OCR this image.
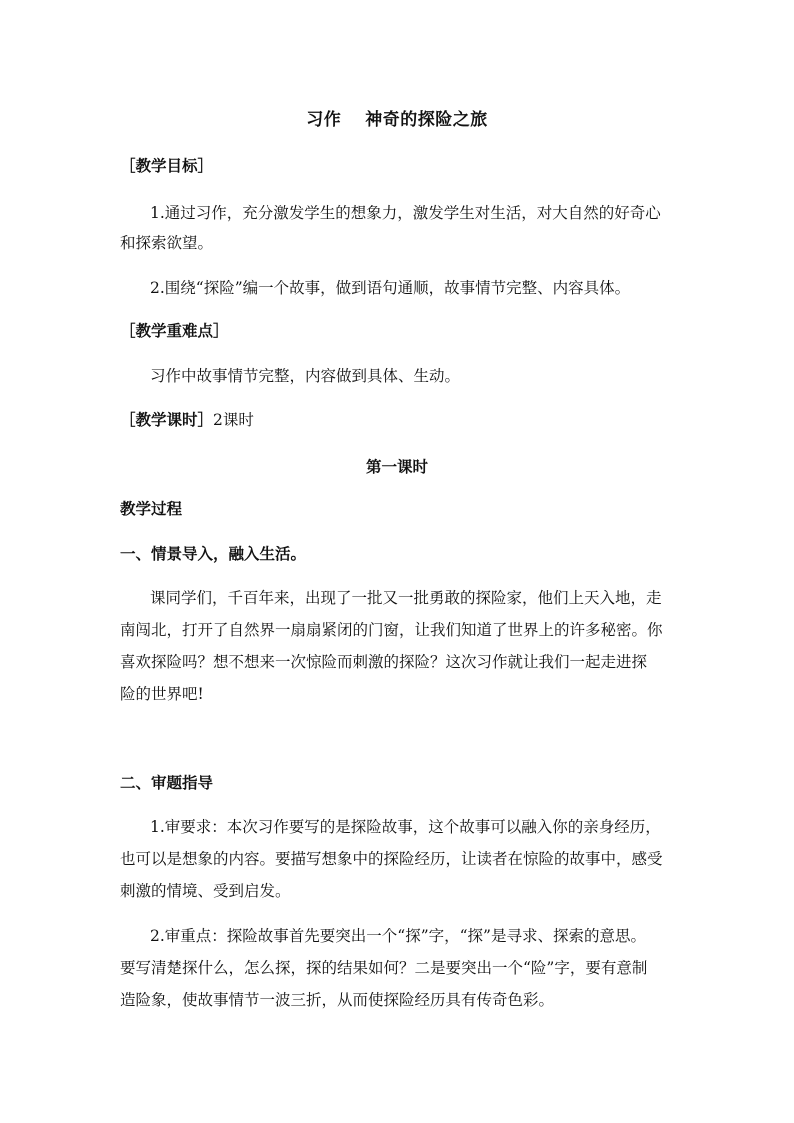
习作 神奇的探险之旅
［教学目标］
1.通过习作，充分激发学生的想象力，激发学生对生活，对大自然的好奇心
和探索欲望。
2.围绕“探险”编一个故事，做到语句通顺，故事情节完整、内容具体。
［教学重难点］
习作中故事情节完整，内容做到具体、生动。
［教学课时］2课时
第一课时
教学过程
一、情景导入，融入生活。
课同学们，千百年来，出现了一批又一批勇敢的探险家，他们上天入地，走
南闯北，打开了自然界一扇扇紧闭的门窗，让我们知道了世界上的许多秘密。你
喜欢探险吗？想不想来一次惊险而刺激的探险？这次习作就让我们一起走进探
险的世界吧!
二、审题指导
1.审要求：本次习作要写的是探险故事，这个故事可以融入你的亲身经历，
也可以是想象的内容。要描写想象中的探险经历，让读者在惊险的故事中，感受
刺激的情境、受到启发。
2.审重点：探险故事首先要突出一个“探”字，“探”是寻求、探索的意思。
要写清楚探什么，怎么探，探的结果如何？二是要突出一个“险”字，要有意制
造险象，使故事情节一波三折，从而使探险经历具有传奇色彩。
